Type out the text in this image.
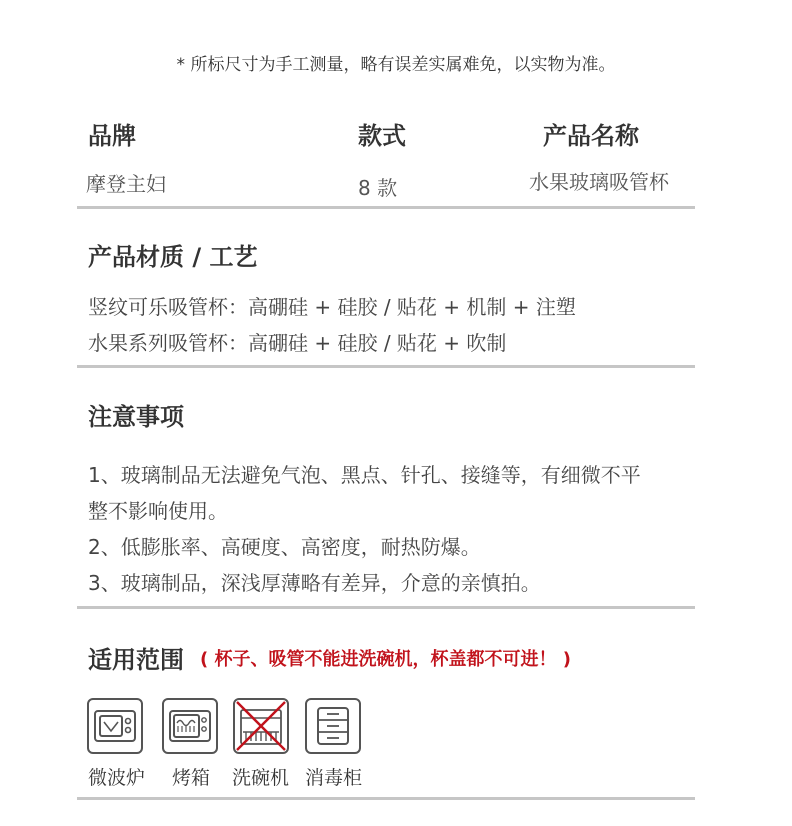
* 所标尺寸为手工测量，略有误差实属难免，以实物为准。
品牌	款式	产品名称
摩登主妇	8 款	水果玻璃吸管杯
产品材质 / 工艺
竖纹可乐吸管杯：高硼硅 + 硅胶 / 贴花 + 机制 + 注塑
水果系列吸管杯：高硼硅 + 硅胶 / 贴花 + 吹制
注意事项
1、玻璃制品无法避免气泡、黑点、针孔、接缝等，有细微不平
整不影响使用。
2、低膨胀率、高硬度、高密度，耐热防爆。
3、玻璃制品，深浅厚薄略有差异，介意的亲慎拍。
适用范围 ( 杯子、吸管不能进洗碗机，杯盖都不可进！ )
微波炉 烤箱 洗碗机 消毒柜
